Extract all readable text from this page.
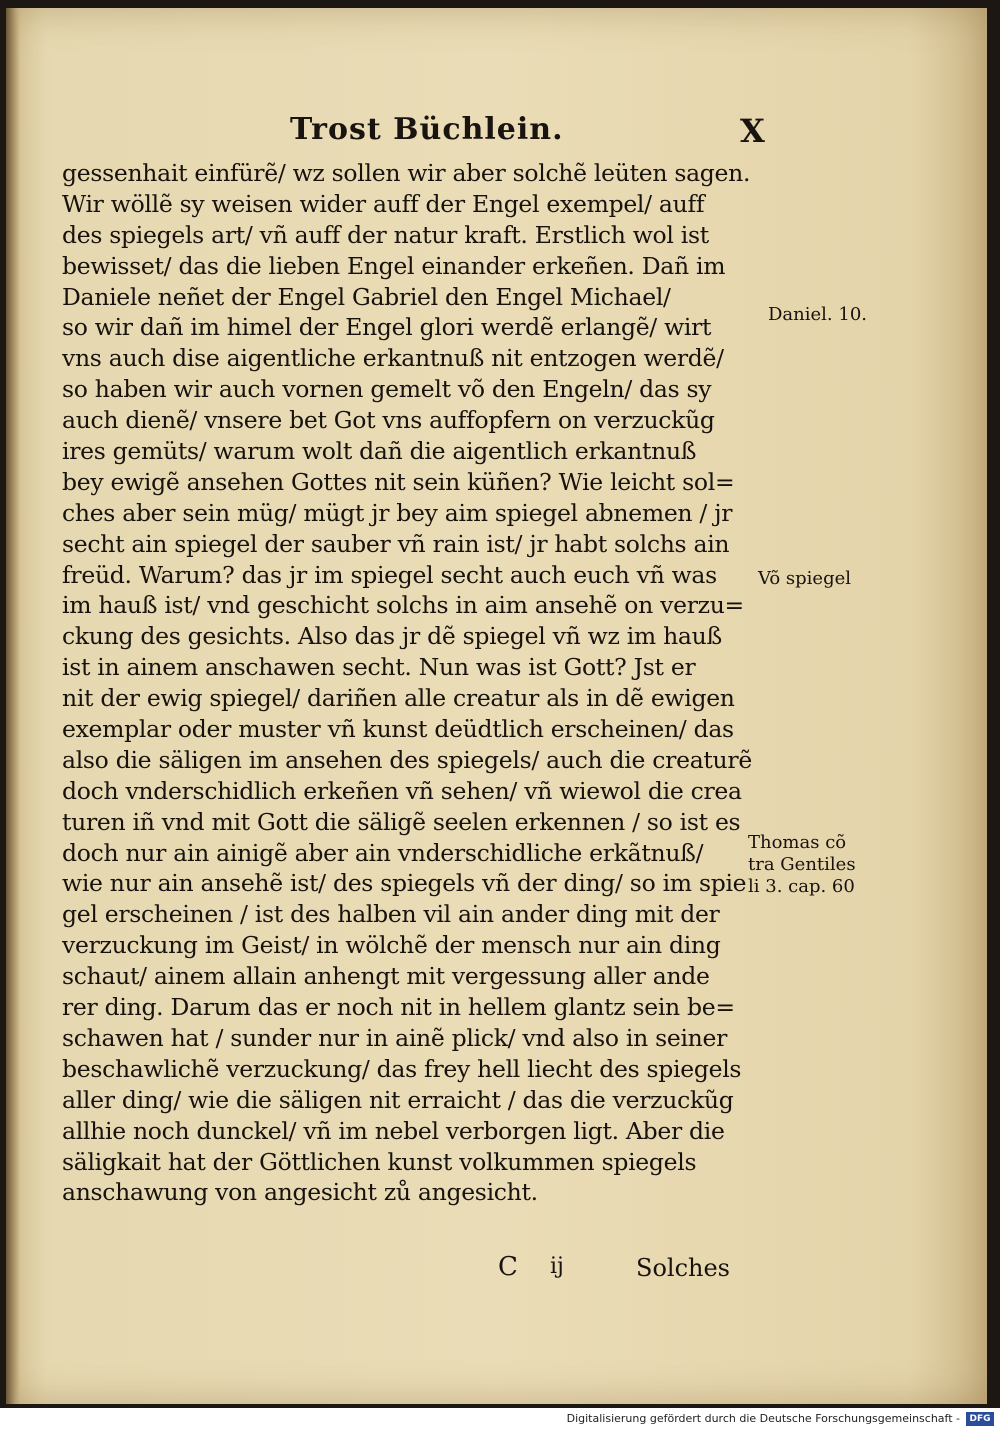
Trost Büchlein.	X
gessenhait einfürẽ/ wz sollen wir aber solchẽ leüten sagen.
Wir wöllẽ sy weisen wider auff der Engel exempel/ auff
des spiegels art/ vñ auff der natur kraft. Erstlich wol ist
bewisset/ das die lieben Engel einander erkeñen. Dañ im
Daniele neñet der Engel Gabriel den Engel Michael/
so wir dañ im himel der Engel glori werdẽ erlangẽ/ wirt
vns auch dise aigentliche erkantnuß nit entzogen werdẽ/
so haben wir auch vornen gemelt võ den Engeln/ das sy
auch dienẽ/ vnsere bet Got vns auffopfern on verzuckũg
ires gemüts/ warum wolt dañ die aigentlich erkantnuß
bey ewigẽ ansehen Gottes nit sein küñen? Wie leicht sol=
ches aber sein müg/ mügt jr bey aim spiegel abnemen / jr
secht ain spiegel der sauber vñ rain ist/ jr habt solchs ain
freüd. Warum? das jr im spiegel secht auch euch vñ was
im hauß ist/ vnd geschicht solchs in aim ansehẽ on verzu=
ckung des gesichts. Also das jr dẽ spiegel vñ wz im hauß
ist in ainem anschawen secht. Nun was ist Gott? Jst er
nit der ewig spiegel/ dariñen alle creatur als in dẽ ewigen
exemplar oder muster vñ kunst deüdtlich erscheinen/ das
also die säligen im ansehen des spiegels/ auch die creaturẽ
doch vnderschidlich erkeñen vñ sehen/ vñ wiewol die crea
turen iñ vnd mit Gott die säligẽ seelen erkennen / so ist es
doch nur ain ainigẽ aber ain vnderschidliche erkãtnuß/
wie nur ain ansehẽ ist/ des spiegels vñ der ding/ so im spie
gel erscheinen / ist des halben vil ain ander ding mit der
verzuckung im Geist/ in wölchẽ der mensch nur ain ding
schaut/ ainem allain anhengt mit vergessung aller ande
rer ding. Darum das er noch nit in hellem glantz sein be=
schawen hat / sunder nur in ainẽ plick/ vnd also in seiner
beschawlichẽ verzuckung/ das frey hell liecht des spiegels
aller ding/ wie die säligen nit erraicht / das die verzuckũg
allhie noch dunckel/ vñ im nebel verborgen ligt. Aber die
säligkait hat der Göttlichen kunst volkummen spiegels
anschawung von angesicht zů angesicht.
Daniel. 10.
Võ spiegel
Thomas cõ
tra Gentiles
li 3. cap. 60
C ij	Solches
Digitalisierung gefördert durch die Deutsche Forschungsgemeinschaft -	DFG
